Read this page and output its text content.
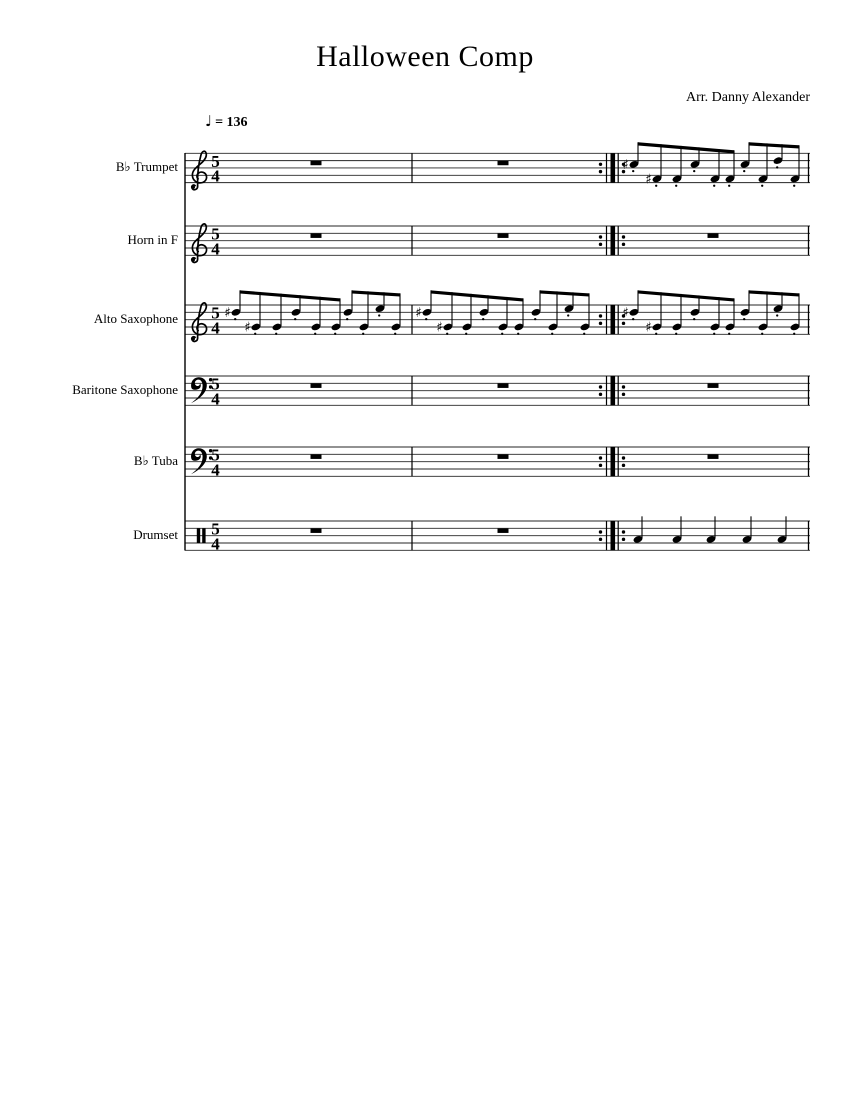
Halloween Comp
Arr. Danny Alexander
♩ = 136
B♭ Trumpet
Horn in F
Alto Saxophone
Baritone Saxophone
B♭ Tuba
Drumset
5
4
♯
♯
5
4
5
4
♯
♯
♯
♯
♯
♯
5
4
5
4
5
4
